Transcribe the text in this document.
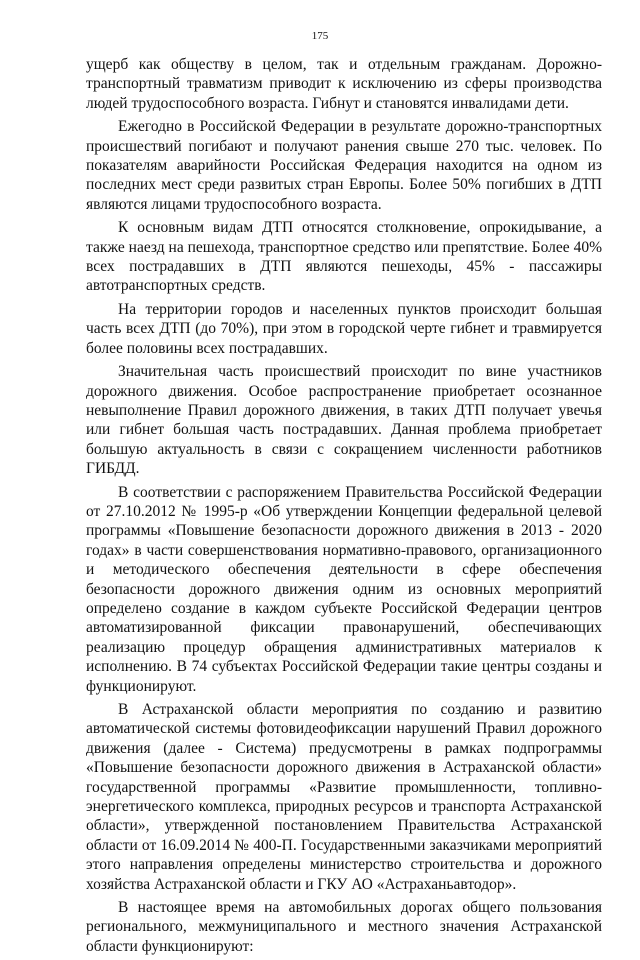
175

ущерб как обществу в целом, так и отдельным гражданам. Дорожно-транспортный травматизм приводит к исключению из сферы производства людей трудоспособного возраста. Гибнут и становятся инвалидами дети.

Ежегодно в Российской Федерации в результате дорожно-транспортных происшествий погибают и получают ранения свыше 270 тыс. человек. По показателям аварийности Российская Федерация находится на одном из последних мест среди развитых стран Европы. Более 50% погибших в ДТП являются лицами трудоспособного возраста.

К основным видам ДТП относятся столкновение, опрокидывание, а также наезд на пешехода, транспортное средство или препятствие. Более 40% всех пострадавших в ДТП являются пешеходы, 45% - пассажиры автотранспортных средств.

На территории городов и населенных пунктов происходит большая часть всех ДТП (до 70%), при этом в городской черте гибнет и травмируется более половины всех пострадавших.

Значительная часть происшествий происходит по вине участников дорожного движения. Особое распространение приобретает осознанное невыполнение Правил дорожного движения, в таких ДТП получает увечья или гибнет большая часть пострадавших. Данная проблема приобретает большую актуальность в связи с сокращением численности работников ГИБДД.

В соответствии с распоряжением Правительства Российской Федерации от 27.10.2012 № 1995-р «Об утверждении Концепции федеральной целевой программы «Повышение безопасности дорожного движения в 2013 - 2020 годах» в части совершенствования нормативно-правового, организационного и методического обеспечения деятельности в сфере обеспечения безопасности дорожного движения одним из основных мероприятий определено создание в каждом субъекте Российской Федерации центров автоматизированной фиксации правонарушений, обеспечивающих реализацию процедур обращения административных материалов к исполнению. В 74 субъектах Российской Федерации такие центры созданы и функционируют.

В Астраханской области мероприятия по созданию и развитию автоматической системы фотовидеофиксации нарушений Правил дорожного движения (далее - Система) предусмотрены в рамках подпрограммы «Повышение безопасности дорожного движения в Астраханской области» государственной программы «Развитие промышленности, топливно-энергетического комплекса, природных ресурсов и транспорта Астраханской области», утвержденной постановлением Правительства Астраханской области от 16.09.2014 № 400-П. Государственными заказчиками мероприятий этого направления определены министерство строительства и дорожного хозяйства Астраханской области и ГКУ АО «Астраханьавтодор».

В настоящее время на автомобильных дорогах общего пользования регионального, межмуниципального и местного значения Астраханской области функционируют:
